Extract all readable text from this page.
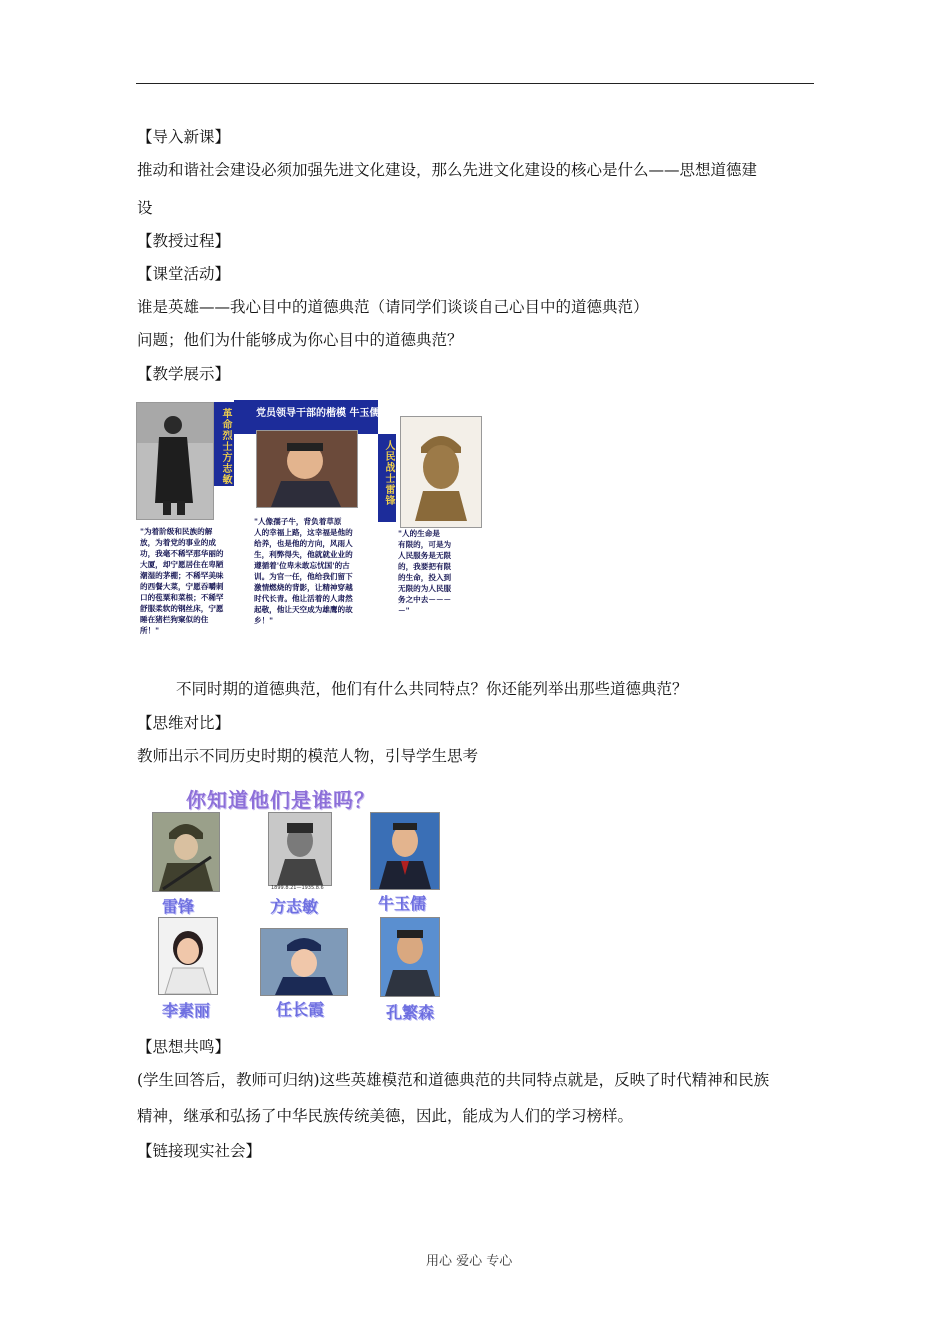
【导入新课】
推动和谐社会建设必须加强先进文化建设，那么先进文化建设的核心是什么——思想道德建
设
【教授过程】
【课堂活动】
谁是英雄——我心目中的道德典范（请同学们谈谈自己心目中的道德典范）
问题；他们为什能够成为你心目中的道德典范？
【教学展示】
革命烈士方志敏	党员领导干部的楷模 牛玉儒
人民战士雷锋
"为着阶级和民族的解
放，为着党的事业的成
功，我毫不稀罕那华丽的
大厦，却宁愿居住在卑陋
潮湿的茅棚；不稀罕美味
的西餐大菜，宁愿吞嚼刺
口的苞粟和菜根；不稀罕
舒服柔软的钢丝床，宁愿
睡在猪栏狗窠似的住
所！"
"人像孺子牛，背负着草原
人的幸福上路，这幸福是他的
给养，也是他的方向，风雨人
生，利弊得失，他就就业业的
遵循着'位卑未敢忘忧国'的古
训。为官一任，他给我们留下
激情燃烧的背影，让精神穿越
时代长青。他让活着的人肃然
起敬，他让天空成为雄鹰的故
乡！"
"人的生命是
有限的，可是为
人民服务是无限
的，我要把有限
的生命，投入到
无限的为人民服
务之中去－－－
－"
不同时期的道德典范，他们有什么共同特点？你还能列举出那些道德典范？
【思维对比】
教师出示不同历史时期的模范人物，引导学生思考
你知道他们是谁吗？
雷锋
1899.8.21—1935.8.6
方志敏	牛玉儒
李素丽	任长霞	孔繁森
【思想共鸣】
(学生回答后，教师可归纳)这些英雄模范和道德典范的共同特点就是，反映了时代精神和民族
精神，继承和弘扬了中华民族传统美德，因此，能成为人们的学习榜样。
【链接现实社会】
用心 爱心 专心
